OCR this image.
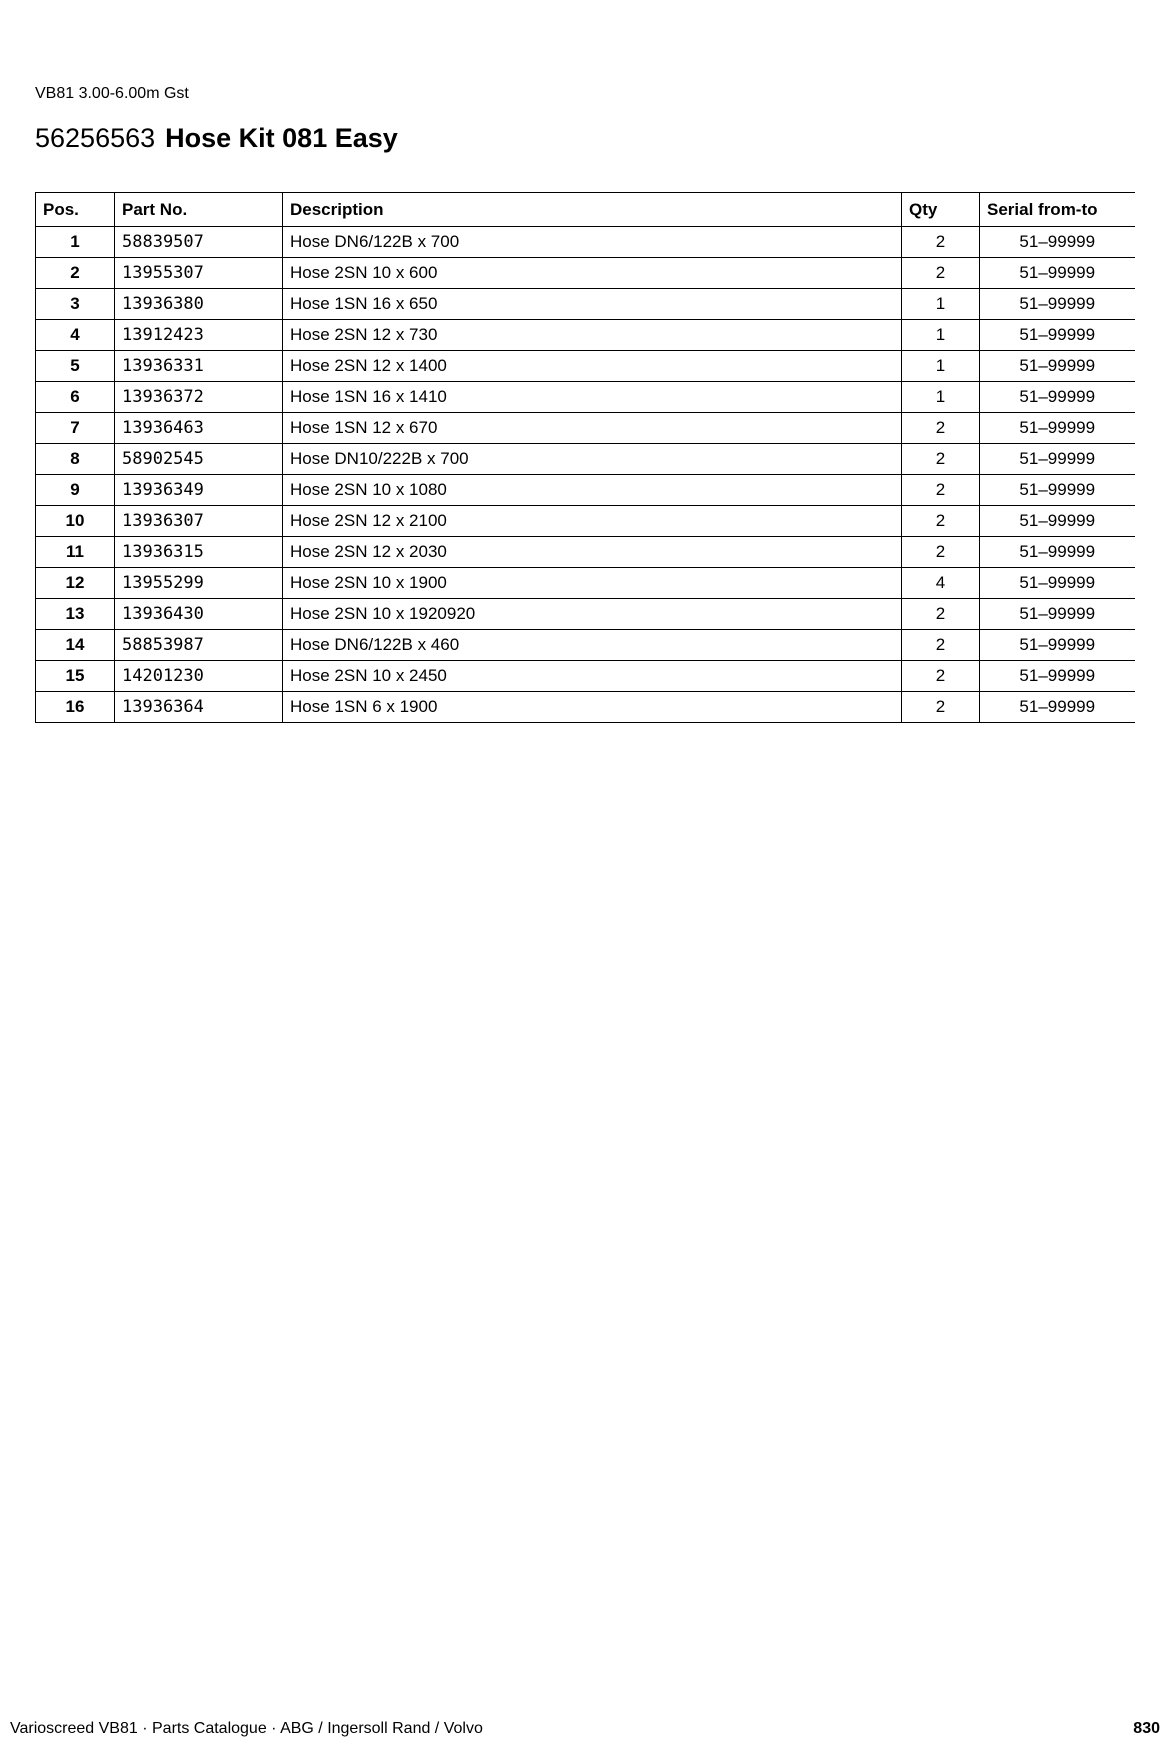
VB81 3.00-6.00m Gst
56256563 Hose Kit 081 Easy
Pos.	Part No.	Description	Qty	Serial from-to
1	58839507	Hose DN6/122B x 700	2	51–99999
2	13955307	Hose 2SN 10 x 600	2	51–99999
3	13936380	Hose 1SN 16 x 650	1	51–99999
4	13912423	Hose 2SN 12 x 730	1	51–99999
5	13936331	Hose 2SN 12 x 1400	1	51–99999
6	13936372	Hose 1SN 16 x 1410	1	51–99999
7	13936463	Hose 1SN 12 x 670	2	51–99999
8	58902545	Hose DN10/222B x 700	2	51–99999
9	13936349	Hose 2SN 10 x 1080	2	51–99999
10	13936307	Hose 2SN 12 x 2100	2	51–99999
11	13936315	Hose 2SN 12 x 2030	2	51–99999
12	13955299	Hose 2SN 10 x 1900	4	51–99999
13	13936430	Hose 2SN 10 x 1920920	2	51–99999
14	58853987	Hose DN6/122B x 460	2	51–99999
15	14201230	Hose 2SN 10 x 2450	2	51–99999
16	13936364	Hose 1SN 6 x 1900	2	51–99999
Varioscreed VB81 · Parts Catalogue · ABG / Ingersoll Rand / Volvo	830
